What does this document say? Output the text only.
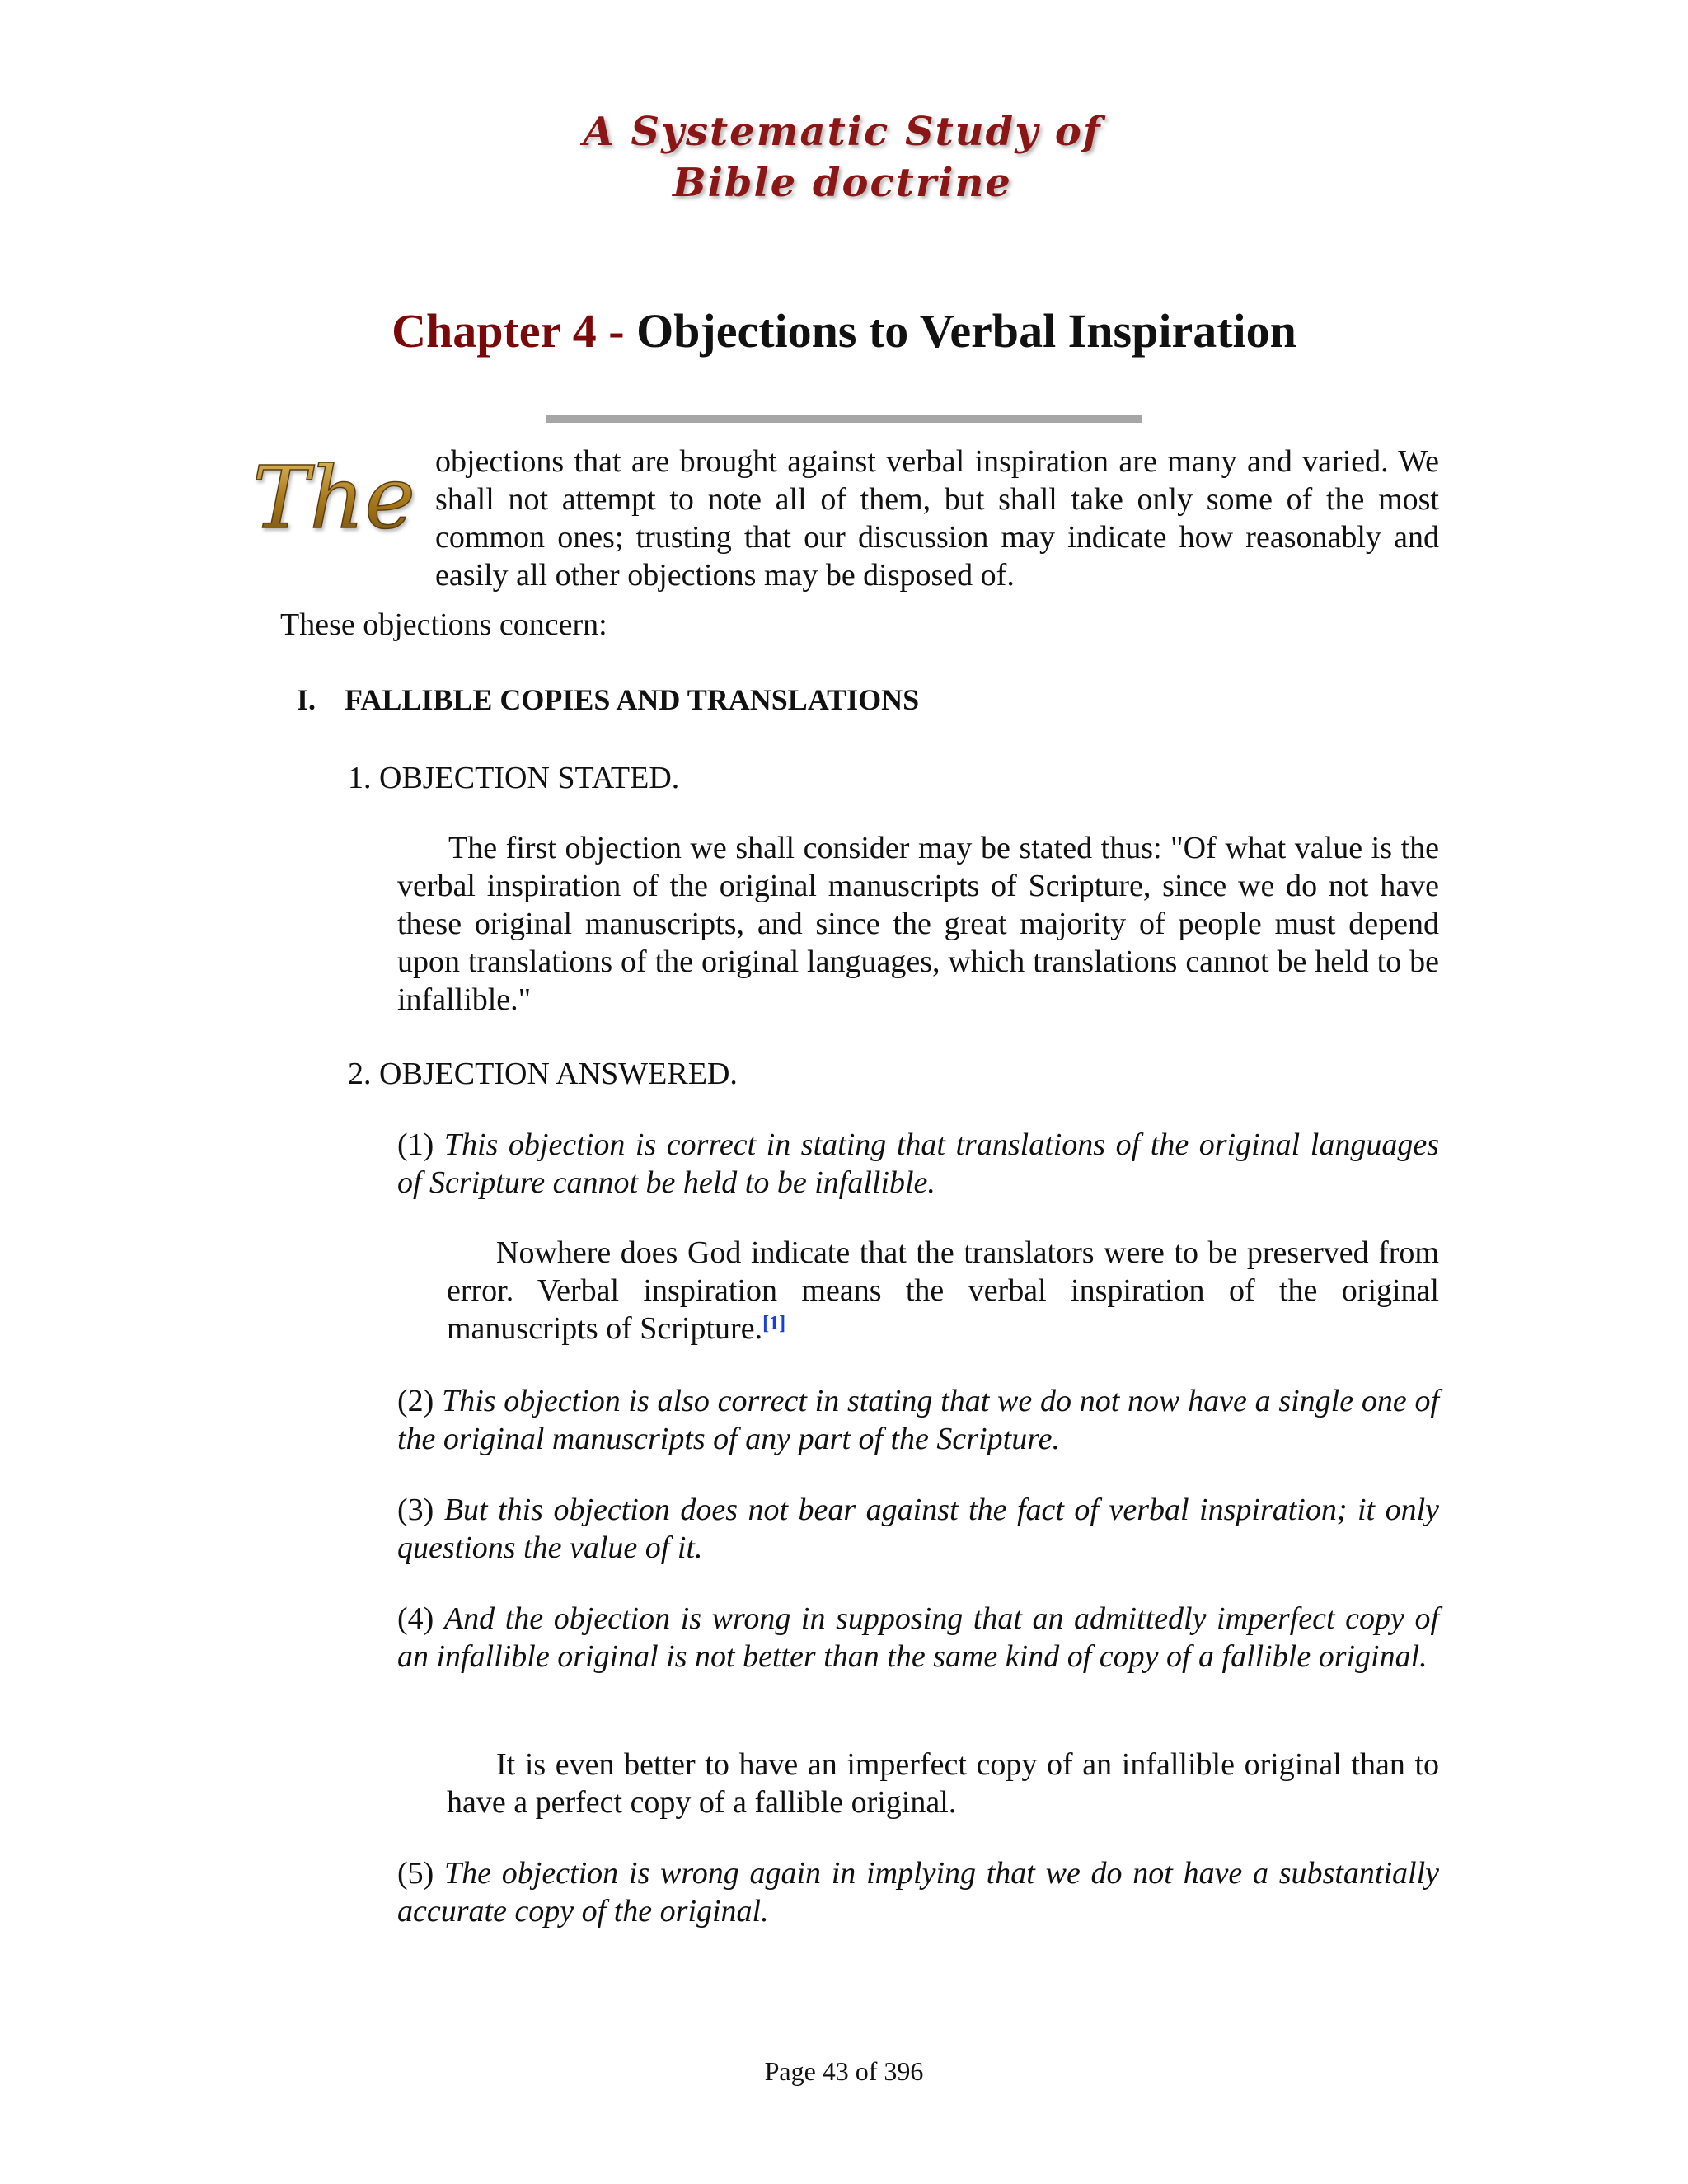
A Systematic Study of
Bible doctrine
Chapter 4 - Objections to Verbal Inspiration
The objections that are brought against verbal inspiration are many and varied. We shall not attempt to note all of them, but shall take only some of the most common ones; trusting that our discussion may indicate how reasonably and easily all other objections may be disposed of.
These objections concern:
I. FALLIBLE COPIES AND TRANSLATIONS
1. OBJECTION STATED.
The first objection we shall consider may be stated thus: "Of what value is the verbal inspiration of the original manuscripts of Scripture, since we do not have these original manuscripts, and since the great majority of people must depend upon translations of the original languages, which translations cannot be held to be infallible."
2. OBJECTION ANSWERED.
(1) This objection is correct in stating that translations of the original languages of Scripture cannot be held to be infallible.
Nowhere does God indicate that the translators were to be preserved from error. Verbal inspiration means the verbal inspiration of the original manuscripts of Scripture.[1]
(2) This objection is also correct in stating that we do not now have a single one of the original manuscripts of any part of the Scripture.
(3) But this objection does not bear against the fact of verbal inspiration; it only questions the value of it.
(4) And the objection is wrong in supposing that an admittedly imperfect copy of an infallible original is not better than the same kind of copy of a fallible original.
It is even better to have an imperfect copy of an infallible original than to have a perfect copy of a fallible original.
(5) The objection is wrong again in implying that we do not have a substantially accurate copy of the original.
Page 43 of 396
